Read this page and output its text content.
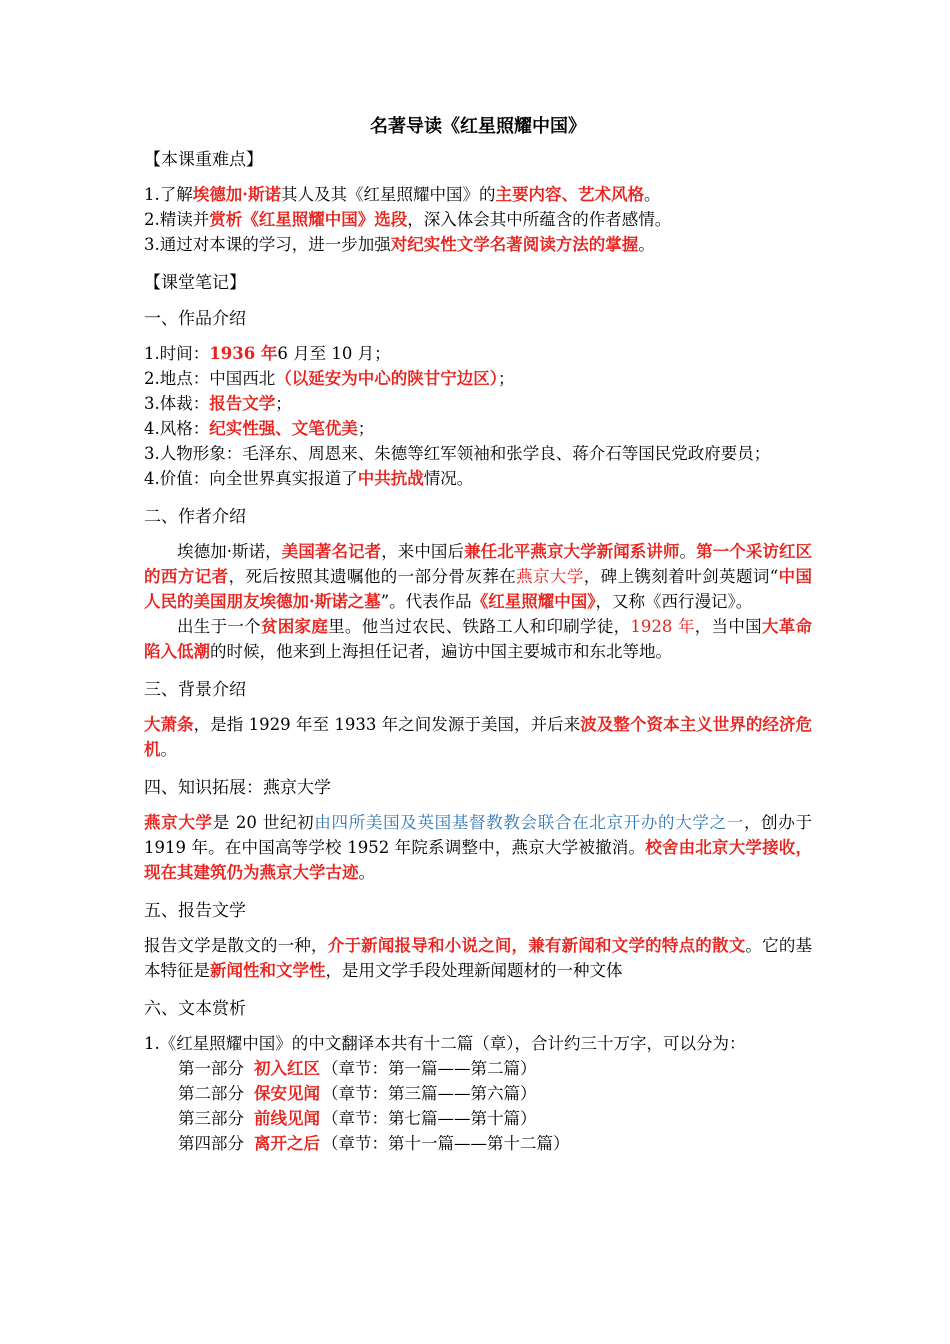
名著导读《红星照耀中国》
【本课重难点】

1.了解埃德加·斯诺其人及其《红星照耀中国》的主要内容、艺术风格。

2.精读并赏析《红星照耀中国》选段，深入体会其中所蕴含的作者感情。

3.通过对本课的学习，进一步加强对纪实性文学名著阅读方法的掌握。

【课堂笔记】
一、作品介绍

1.时间：1936 年6 月至 10 月；

2.地点：中国西北（以延安为中心的陕甘宁边区）；

3.体裁：报告文学；

4.风格：纪实性强、文笔优美；

3.人物形象：毛泽东、周恩来、朱德等红军领袖和张学良、蒋介石等国民党政府要员；

4.价值：向全世界真实报道了中共抗战情况。

二、作者介绍

埃德加·斯诺，美国著名记者，来中国后兼任北平燕京大学新闻系讲师。第一个采访红区的西方记者，死后按照其遗嘱他的一部分骨灰葬在燕京大学，碑上镌刻着叶剑英题词“中国人民的美国朋友埃德加·斯诺之墓”。代表作品《红星照耀中国》，又称《西行漫记》。

出生于一个贫困家庭里。他当过农民、铁路工人和印刷学徒，1928 年，当中国大革命陷入低潮的时候，他来到上海担任记者，遍访中国主要城市和东北等地。

三、背景介绍

大萧条，是指 1929 年至 1933 年之间发源于美国，并后来波及整个资本主义世界的经济危机。

四、知识拓展：燕京大学

燕京大学是 20 世纪初由四所美国及英国基督教教会联合在北京开办的大学之一，创办于 1919 年。在中国高等学校 1952 年院系调整中，燕京大学被撤消。校舍由北京大学接收，现在其建筑仍为燕京大学古迹。

五、报告文学

报告文学是散文的一种，介于新闻报导和小说之间，兼有新闻和文学的特点的散文。它的基本特征是新闻性和文学性，是用文学手段处理新闻题材的一种文体

六、文本赏析

1.《红星照耀中国》的中文翻译本共有十二篇（章），合计约三十万字，可以分为：

第一部分 初入红区 （章节：第一篇——第二篇）

第二部分 保安见闻 （章节：第三篇——第六篇）

第三部分 前线见闻 （章节：第七篇——第十篇）

第四部分 离开之后 （章节：第十一篇——第十二篇）
